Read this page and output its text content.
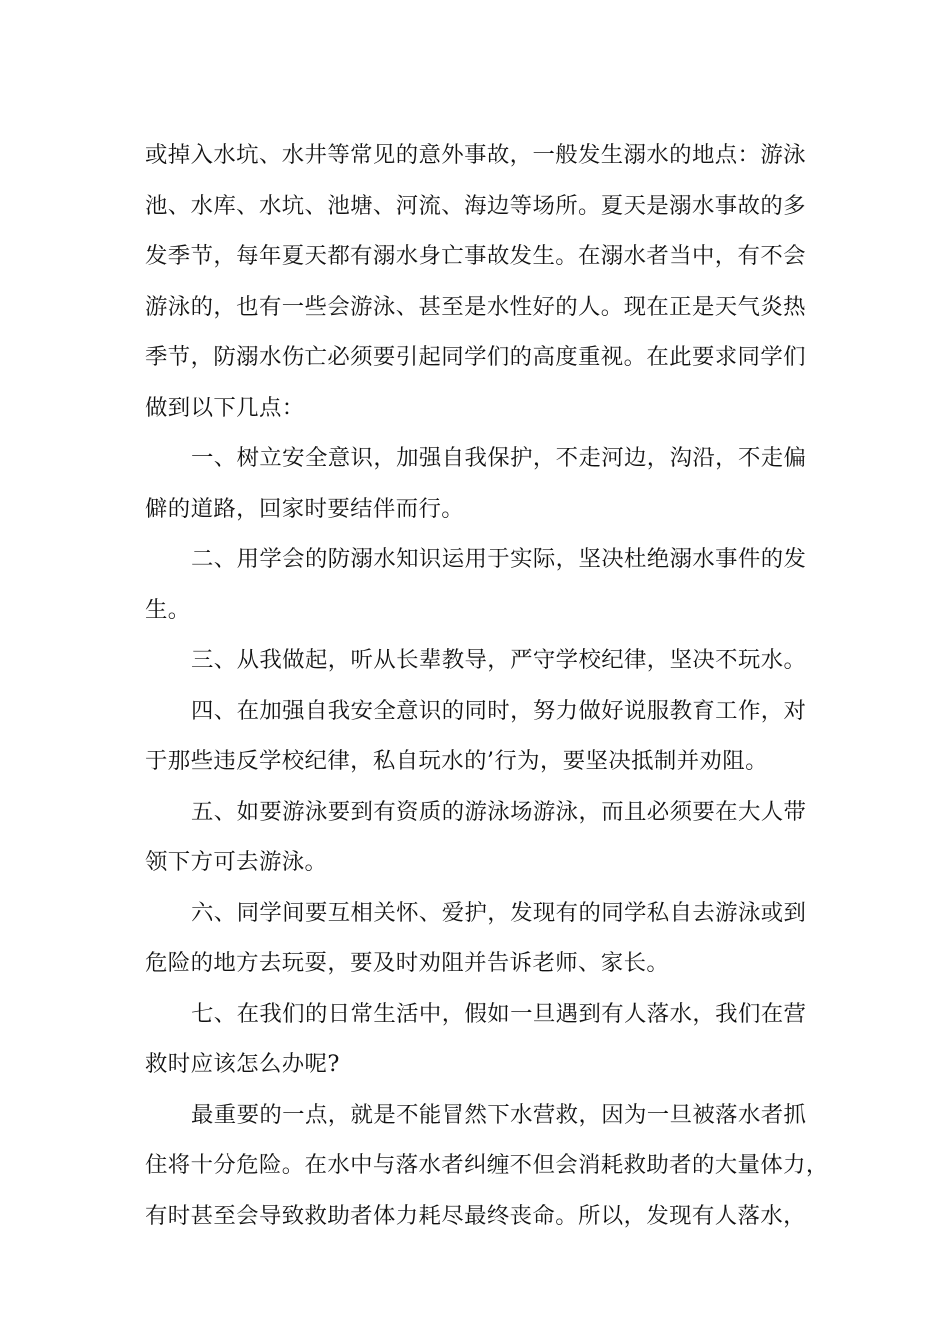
或掉入水坑、水井等常见的意外事故，一般发生溺水的地点：游泳
池、水库、水坑、池塘、河流、海边等场所。夏天是溺水事故的多
发季节，每年夏天都有溺水身亡事故发生。在溺水者当中，有不会
游泳的，也有一些会游泳、甚至是水性好的人。现在正是天气炎热
季节，防溺水伤亡必须要引起同学们的高度重视。在此要求同学们
做到以下几点：
一、树立安全意识，加强自我保护，不走河边，沟沿，不走偏
僻的道路，回家时要结伴而行。
二、用学会的防溺水知识运用于实际，坚决杜绝溺水事件的发
生。
三、从我做起，听从长辈教导，严守学校纪律，坚决不玩水。
四、在加强自我安全意识的同时，努力做好说服教育工作，对
于那些违反学校纪律，私自玩水的’行为，要坚决抵制并劝阻。
五、如要游泳要到有资质的游泳场游泳，而且必须要在大人带
领下方可去游泳。
六、同学间要互相关怀、爱护，发现有的同学私自去游泳或到
危险的地方去玩耍，要及时劝阻并告诉老师、家长。
七、在我们的日常生活中，假如一旦遇到有人落水，我们在营
救时应该怎么办呢?
最重要的一点，就是不能冒然下水营救，因为一旦被落水者抓
住将十分危险。在水中与落水者纠缠不但会消耗救助者的大量体力，
有时甚至会导致救助者体力耗尽最终丧命。所以，发现有人落水，
